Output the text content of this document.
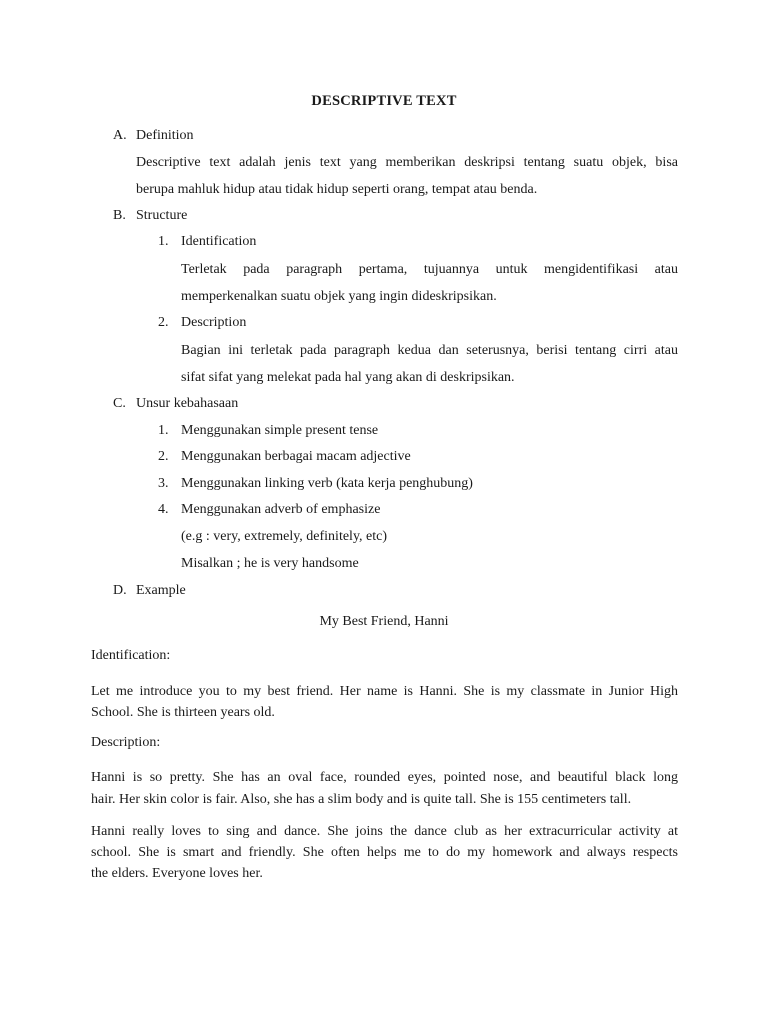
DESCRIPTIVE TEXT
A. Definition
Descriptive text adalah jenis text yang memberikan deskripsi tentang suatu objek, bisa
berupa mahluk hidup atau tidak hidup seperti orang, tempat atau benda.
B. Structure
1. Identification
Terletak pada paragraph pertama, tujuannya untuk mengidentifikasi atau
memperkenalkan suatu objek yang ingin dideskripsikan.
2. Description
Bagian ini terletak pada paragraph kedua dan seterusnya, berisi tentang cirri atau
sifat sifat yang melekat pada hal yang akan di deskripsikan.
C. Unsur kebahasaan
1. Menggunakan simple present tense
2. Menggunakan berbagai macam adjective
3. Menggunakan linking verb (kata kerja penghubung)
4. Menggunakan adverb of emphasize
(e.g : very, extremely, definitely, etc)
Misalkan ; he is very handsome
D. Example
My Best Friend, Hanni
Identification:
Let me introduce you to my best friend. Her name is Hanni. She is my classmate in Junior High
School. She is thirteen years old.
Description:
Hanni is so pretty. She has an oval face, rounded eyes, pointed nose, and beautiful black long
hair. Her skin color is fair. Also, she has a slim body and is quite tall. She is 155 centimeters tall.
Hanni really loves to sing and dance. She joins the dance club as her extracurricular activity at
school. She is smart and friendly. She often helps me to do my homework and always respects
the elders. Everyone loves her.
